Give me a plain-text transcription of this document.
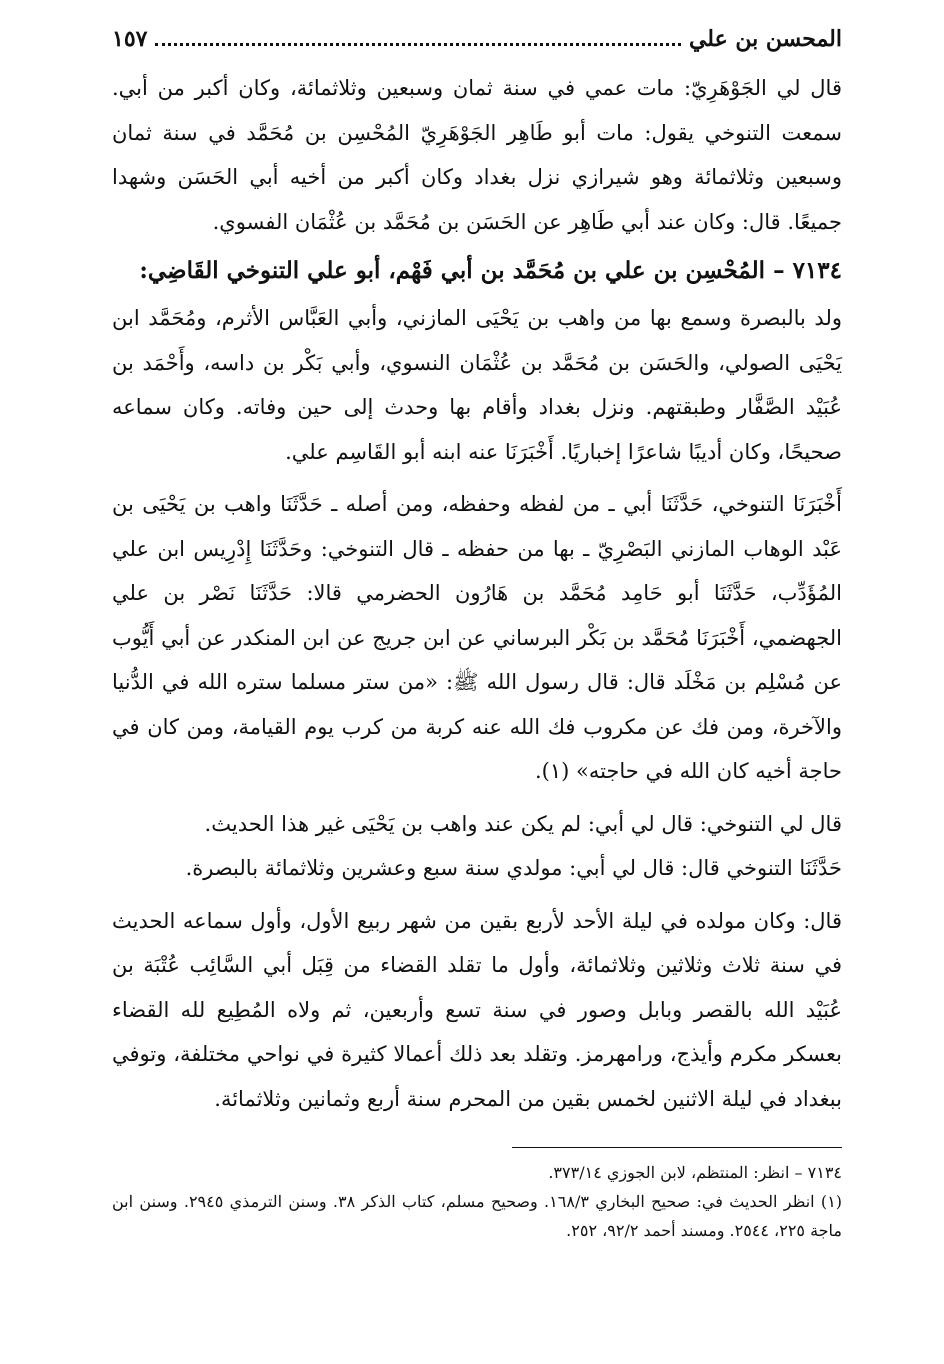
المحسن بن علي
١٥٧

قال لي الجَوْهَرِيّ: مات عمي في سنة ثمان وسبعين وثلاثمائة، وكان أكبر من أبي. سمعت التنوخي يقول: مات أبو طَاهِر الجَوْهَرِيّ المُحْسِن بن مُحَمَّد في سنة ثمان وسبعين وثلاثمائة وهو شيرازي نزل بغداد وكان أكبر من أخيه أبي الحَسَن وشهدا جميعًا. قال: وكان عند أبي طَاهِر عن الحَسَن بن مُحَمَّد بن عُثْمَان الفسوي.

٧١٣٤ – المُحْسِن بن علي بن مُحَمَّد بن أبي فَهْم، أبو علي التنوخي القَاضِي:

ولد بالبصرة وسمع بها من واهب بن يَحْيَى المازني، وأبي العَبَّاس الأثرم، ومُحَمَّد ابن يَحْيَى الصولي، والحَسَن بن مُحَمَّد بن عُثْمَان النسوي، وأبي بَكْر بن داسه، وأَحْمَد بن عُبَيْد الصَّفَّار وطبقتهم. ونزل بغداد وأقام بها وحدث إلى حين وفاته. وكان سماعه صحيحًا، وكان أديبًا شاعرًا إخباريًا. أَخْبَرَنَا عنه ابنه أبو القَاسِم علي.

أَخْبَرَنَا التنوخي، حَدَّثَنَا أبي ـ من لفظه وحفظه، ومن أصله ـ حَدَّثَنَا واهب بن يَحْيَى بن عَبْد الوهاب المازني البَصْرِيّ ـ بها من حفظه ـ قال التنوخي: وحَدَّثَنَا إِدْرِيس ابن علي المُؤَدِّب، حَدَّثَنَا أبو حَامِد مُحَمَّد بن هَارُون الحضرمي قالا: حَدَّثَنَا نَصْر بن علي الجهضمي، أَخْبَرَنَا مُحَمَّد بن بَكْر البرساني عن ابن جريج عن ابن المنكدر عن أبي أَيُّوب عن مُسْلِم بن مَخْلَد قال: قال رسول الله ﷺ: «من ستر مسلما ستره الله في الدُّنيا والآخرة، ومن فك عن مكروب فك الله عنه كربة من كرب يوم القيامة، ومن كان في حاجة أخيه كان الله في حاجته» (١).

قال لي التنوخي: قال لي أبي: لم يكن عند واهب بن يَحْيَى غير هذا الحديث.

حَدَّثَنَا التنوخي قال: قال لي أبي: مولدي سنة سبع وعشرين وثلاثمائة بالبصرة.

قال: وكان مولده في ليلة الأحد لأربع بقين من شهر ربيع الأول، وأول سماعه الحديث في سنة ثلاث وثلاثين وثلاثمائة، وأول ما تقلد القضاء من قِبَل أبي السَّائِب عُتْبَة بن عُبَيْد الله بالقصر وبابل وصور في سنة تسع وأربعين، ثم ولاه المُطِيع لله القضاء بعسكر مكرم وأيذج، ورامهرمز. وتقلد بعد ذلك أعمالا كثيرة في نواحي مختلفة، وتوفي ببغداد في ليلة الاثنين لخمس بقين من المحرم سنة أربع وثمانين وثلاثمائة.

٧١٣٤ – انظر: المنتظم، لابن الجوزي ٣٧٣/١٤.

(١) انظر الحديث في: صحيح البخاري ١٦٨/٣. وصحيح مسلم، كتاب الذكر ٣٨. وسنن الترمذي ٢٩٤٥. وسنن ابن ماجة ٢٢٥، ٢٥٤٤. ومسند أحمد ٩٢/٢، ٢٥٢.
